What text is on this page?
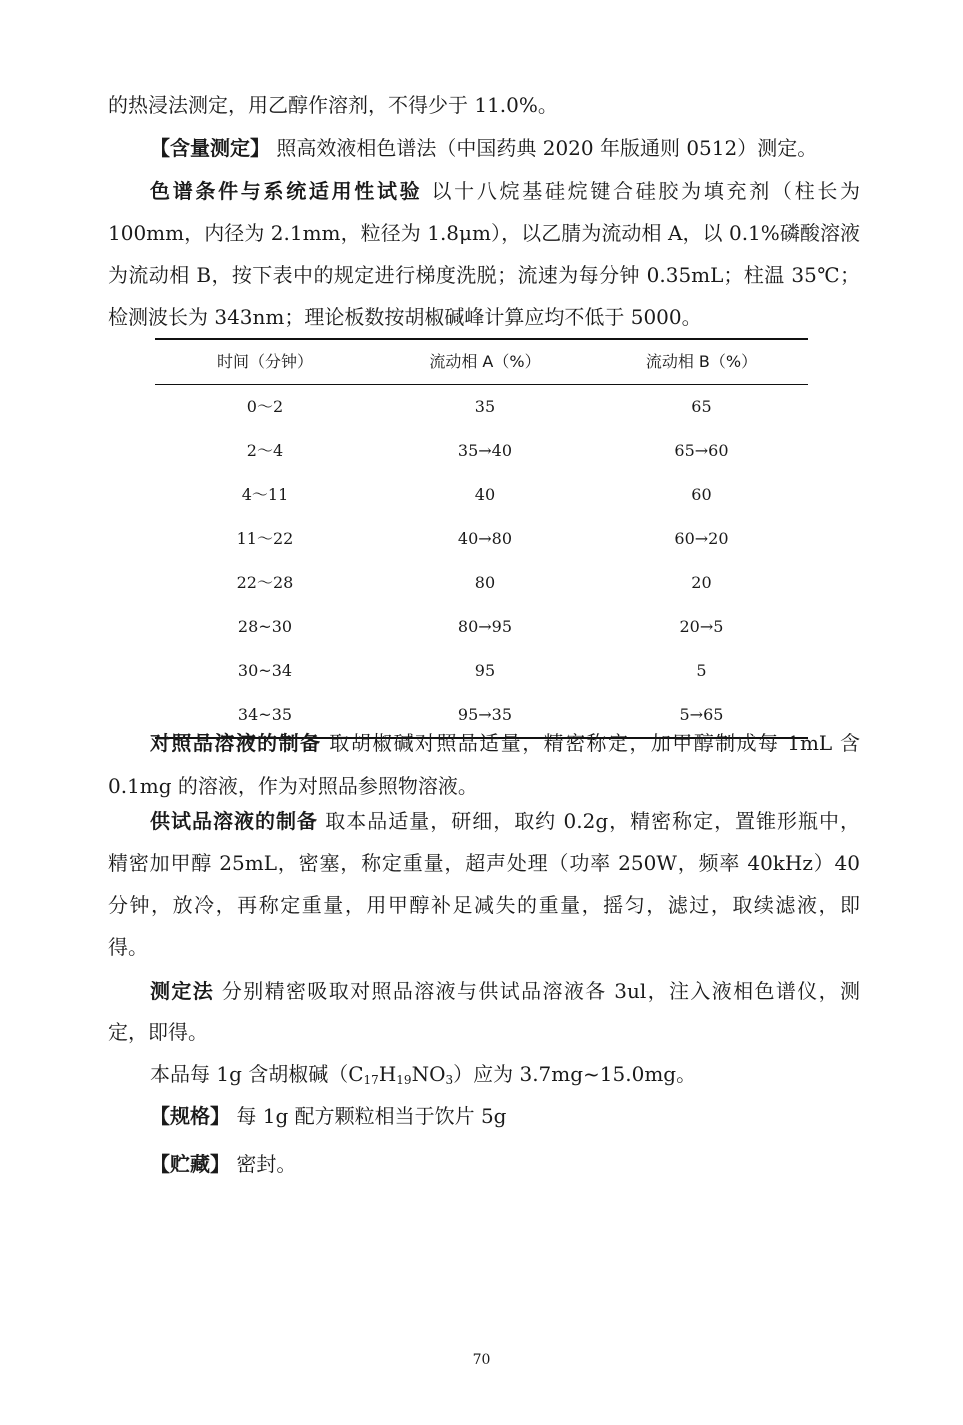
的热浸法测定，用乙醇作溶剂，不得少于 11.0%。
【含量测定】 照高效液相色谱法（中国药典 2020 年版通则 0512）测定。
色谱条件与系统适用性试验 以十八烷基硅烷键合硅胶为填充剂（柱长为
100mm，内径为 2.1mm，粒径为 1.8μm），以乙腈为流动相 A，以 0.1%磷酸溶液
为流动相 B，按下表中的规定进行梯度洗脱；流速为每分钟 0.35mL；柱温 35℃；
检测波长为 343nm；理论板数按胡椒碱峰计算应均不低于 5000。
时间（分钟）	流动相 A（%）	流动相 B（%）
0～2	35	65
2～4	35→40	65→60
4～11	40	60
11～22	40→80	60→20
22～28	80	20
28~30	80→95	20→5
30~34	95	5
34~35	95→35	5→65
对照品溶液的制备 取胡椒碱对照品适量，精密称定，加甲醇制成每 1mL 含
0.1mg 的溶液，作为对照品参照物溶液。
供试品溶液的制备 取本品适量，研细，取约 0.2g，精密称定，置锥形瓶中，
精密加甲醇 25mL，密塞，称定重量，超声处理（功率 250W，频率 40kHz）40
分钟，放冷，再称定重量，用甲醇补足减失的重量，摇匀，滤过，取续滤液，即
得。
测定法 分别精密吸取对照品溶液与供试品溶液各 3ul，注入液相色谱仪，测
定，即得。
本品每 1g 含胡椒碱$(C_{17}H_{19}NO_3)$应为 3.7mg~15.0mg。
【规格】 每 1g 配方颗粒相当于饮片 5g
【贮藏】 密封。
70
